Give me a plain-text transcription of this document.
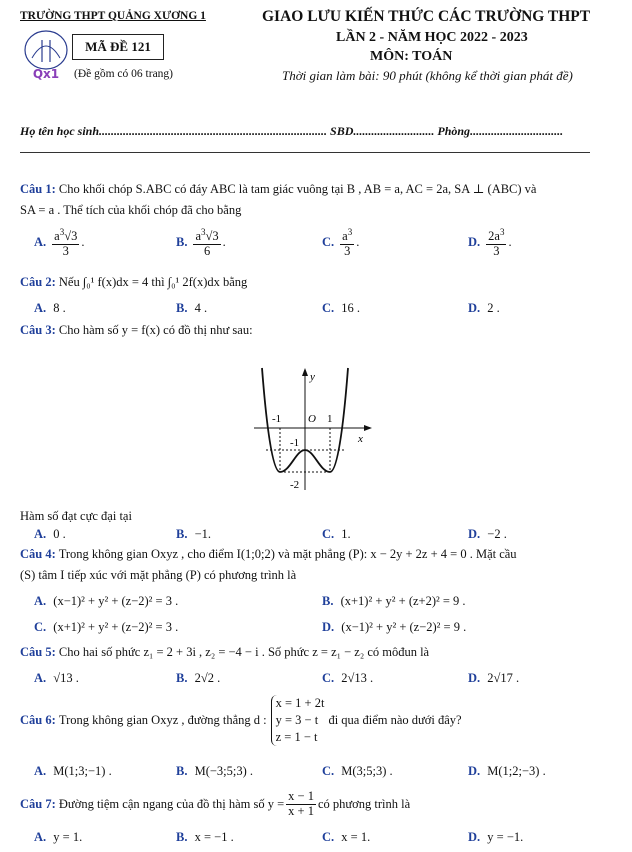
TRƯỜNG THPT QUẢNG XƯƠNG 1
Qx1
MÃ ĐỀ 121
(Đề gồm có 06 trang)
GIAO LƯU KIẾN THỨC CÁC TRƯỜNG THPT
LẦN 2 - NĂM HỌC 2022 - 2023
MÔN: TOÁN
Thời gian làm bài: 90 phút (không kể thời gian phát đề)
Họ tên học sinh............................................................................ SBD........................... Phòng...............................
Câu 1: Cho khối chóp S.ABC có đáy ABC là tam giác vuông tại B , AB = a, AC = 2a, SA ⊥ (ABC) và
SA = a . Thể tích của khối chóp đã cho bằng
A. $\frac{a^3√3}{3}$ .	B. $\frac{a^3√3}{6}$ .	C. $\frac{a^3}{3}$ .	D. $\frac{2a^3}{3}$ .
Câu 2: Nếu ∫₀¹ f(x)dx = 4 thì ∫₀¹ 2f(x)dx bằng
A. 8 .	B. 4 .	C. 16 .	D. 2 .
Câu 3: Cho hàm số y = f(x) có đồ thị như sau:
y
x
O
-1	1
-1
-2
Hàm số đạt cực đại tại
A. 0 .	B. −1.	C. 1.	D. −2 .
Câu 4: Trong không gian Oxyz , cho điểm I(1;0;2) và mặt phẳng (P): x − 2y + 2z + 4 = 0 . Mặt cầu
(S) tâm I tiếp xúc với mặt phẳng (P) có phương trình là
A. (x−1)² + y² + (z−2)² = 3 .	B. (x+1)² + y² + (z+2)² = 9 .
C. (x+1)² + y² + (z−2)² = 3 .	D. (x−1)² + y² + (z−2)² = 9 .
Câu 5: Cho hai số phức z₁ = 2 + 3i , z₂ = −4 − i . Số phức z = z₁ − z₂ có môđun là
A. √13 .	B. 2√2 .	C. 2√13 .	D. 2√17 .
Câu 6:
Trong không gian Oxyz , đường thẳng d :
x = 1 + 2t
y = 3 − t
z = 1 − t
đi qua điểm nào dưới đây?
A. M(1;3;−1) .	B. M(−3;5;3) .	C. M(3;5;3) .	D. M(1;2;−3) .
Câu 7:
Đường tiệm cận ngang của đồ thị hàm số $y = \frac{x - 1}{x + 1}$ có phương trình là
A. y = 1.	B. x = −1 .	C. x = 1.	D. y = −1.
